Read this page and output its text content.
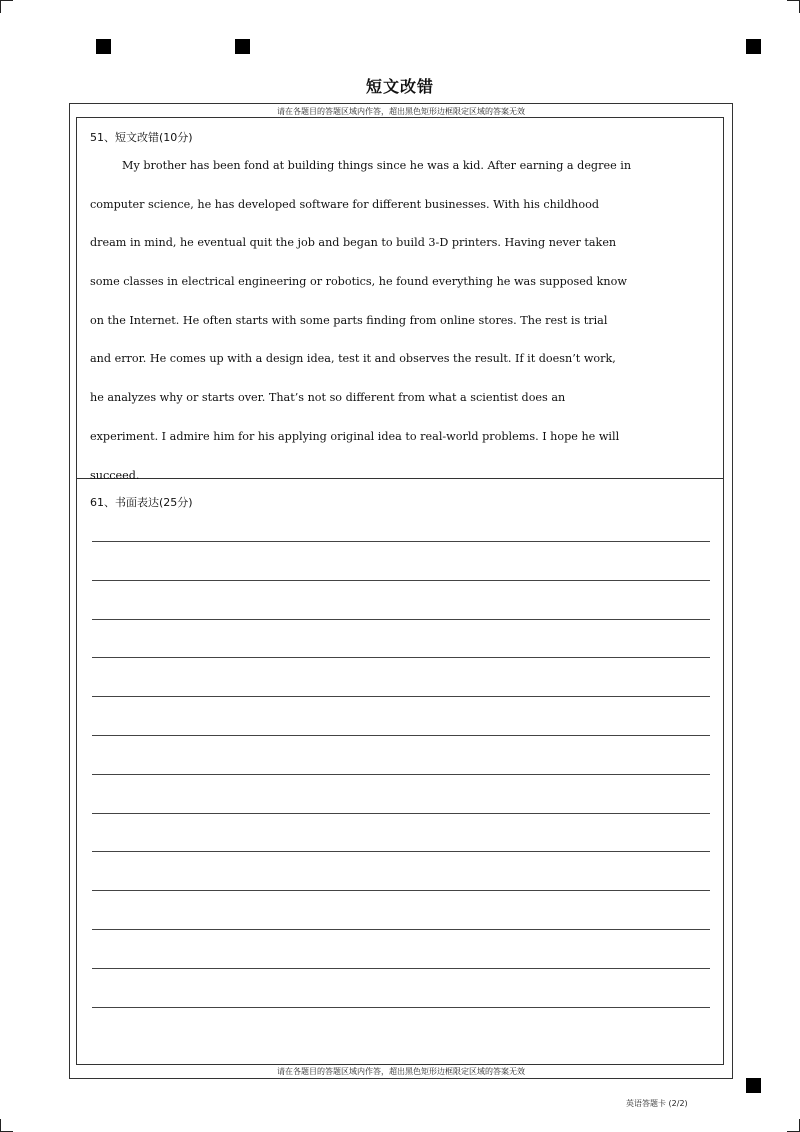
短文改错
请在各题目的答题区域内作答，超出黑色矩形边框限定区域的答案无效
51、短文改错(10分)
My brother has been fond at building things since he was a kid. After earning a degree in
computer science, he has developed software for different businesses. With his childhood
dream in mind, he eventual quit the job and began to build 3-D printers. Having never taken
some classes in electrical engineering or robotics, he found everything he was supposed know
on the Internet. He often starts with some parts finding from online stores. The rest is trial
and error. He comes up with a design idea, test it and observes the result. If it doesn’t work,
he analyzes why or starts over. That’s not so different from what a scientist does an
experiment. I admire him for his applying original idea to real-world problems. I hope he will
succeed.
61、书面表达(25分)
请在各题目的答题区域内作答，超出黑色矩形边框限定区域的答案无效
英语答题卡 (2/2)
